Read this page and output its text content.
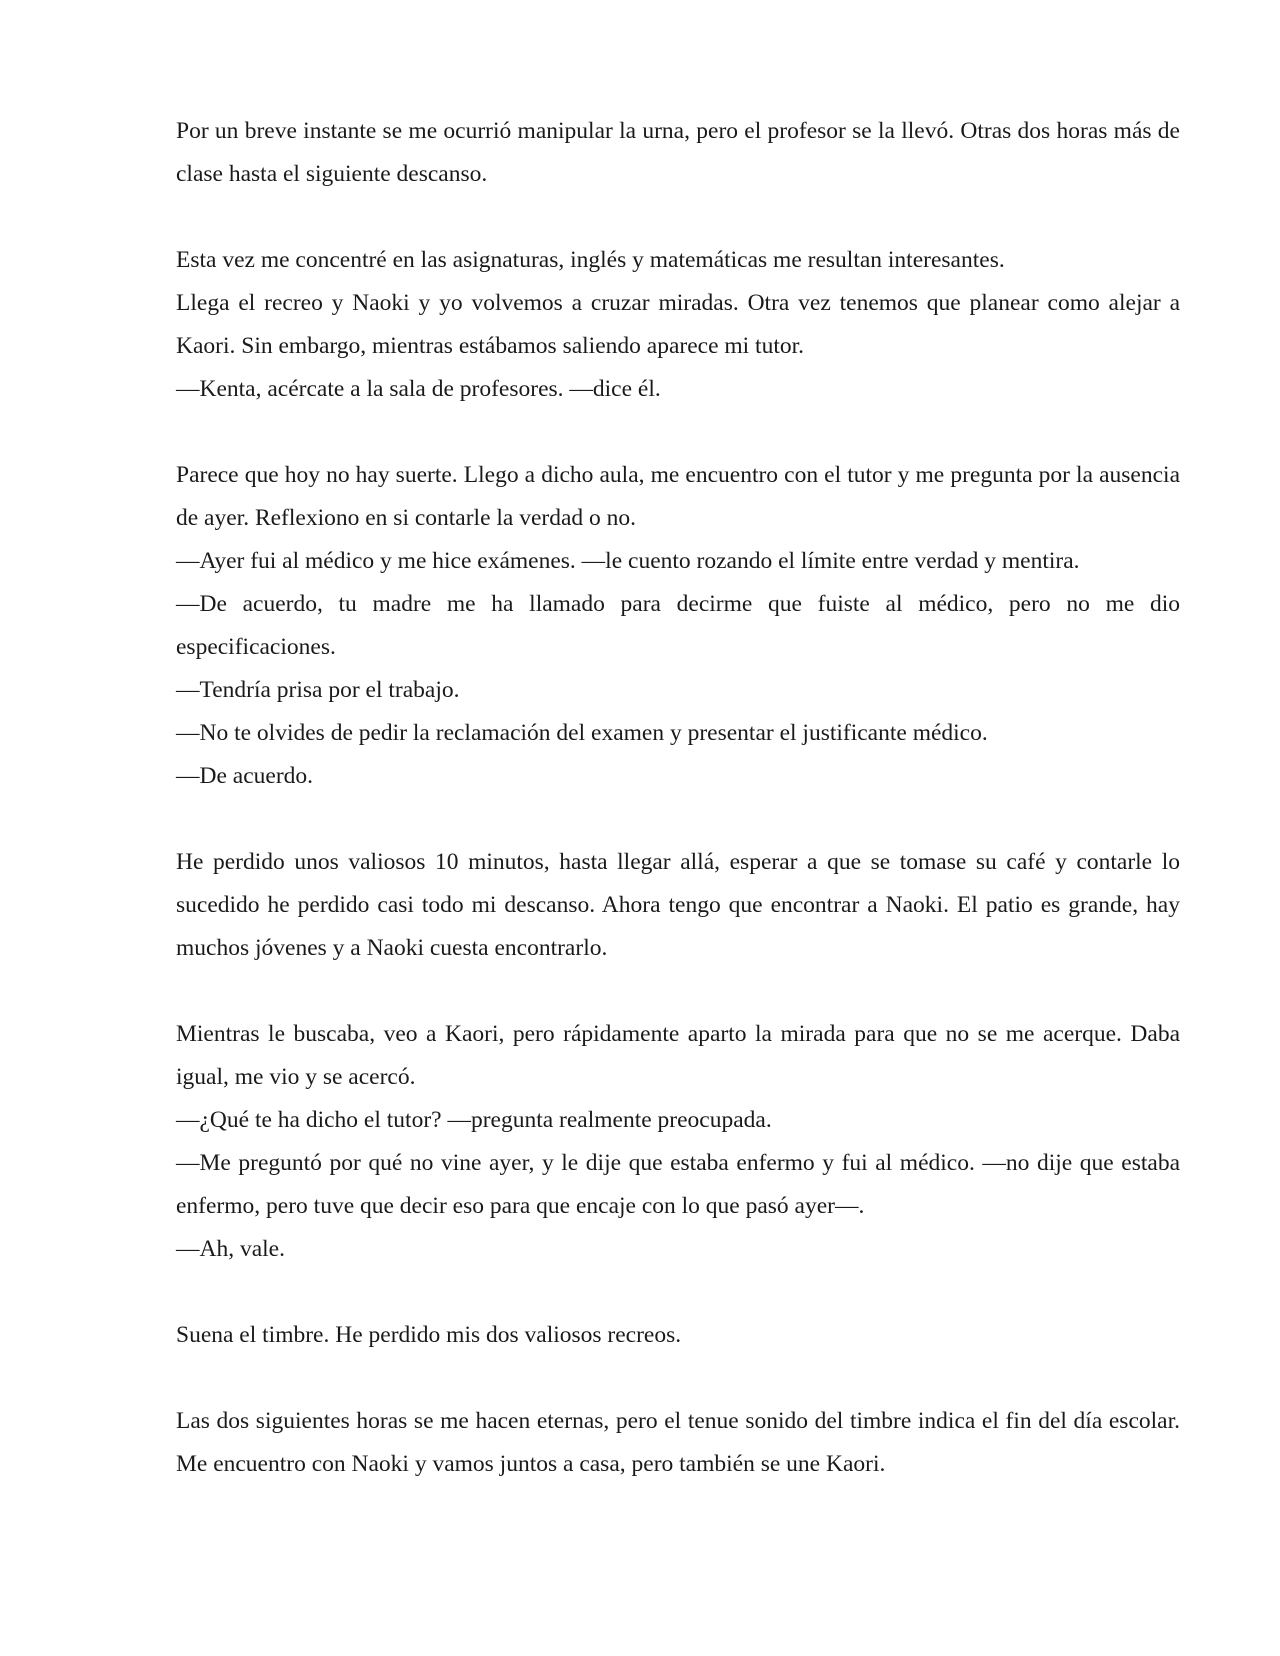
Por un breve instante se me ocurrió manipular la urna, pero el profesor se la llevó. Otras dos horas más de clase hasta el siguiente descanso.

Esta vez me concentré en las asignaturas, inglés y matemáticas me resultan interesantes.

Llega el recreo y Naoki y yo volvemos a cruzar miradas. Otra vez tenemos que planear como alejar a Kaori. Sin embargo, mientras estábamos saliendo aparece mi tutor.

—Kenta, acércate a la sala de profesores. —dice él.

Parece que hoy no hay suerte. Llego a dicho aula, me encuentro con el tutor y me pregunta por la ausencia de ayer. Reflexiono en si contarle la verdad o no.

—Ayer fui al médico y me hice exámenes. —le cuento rozando el límite entre verdad y mentira.

—De acuerdo, tu madre me ha llamado para decirme que fuiste al médico, pero no me dio especificaciones.

—Tendría prisa por el trabajo.

—No te olvides de pedir la reclamación del examen y presentar el justificante médico.

—De acuerdo.

He perdido unos valiosos 10 minutos, hasta llegar allá, esperar a que se tomase su café y contarle lo sucedido he perdido casi todo mi descanso. Ahora tengo que encontrar a Naoki. El patio es grande, hay muchos jóvenes y a Naoki cuesta encontrarlo.

Mientras le buscaba, veo a Kaori, pero rápidamente aparto la mirada para que no se me acerque. Daba igual, me vio y se acercó.

—¿Qué te ha dicho el tutor? —pregunta realmente preocupada.

—Me preguntó por qué no vine ayer, y le dije que estaba enfermo y fui al médico. —no dije que estaba enfermo, pero tuve que decir eso para que encaje con lo que pasó ayer—.

—Ah, vale.

Suena el timbre. He perdido mis dos valiosos recreos.

Las dos siguientes horas se me hacen eternas, pero el tenue sonido del timbre indica el fin del día escolar. Me encuentro con Naoki y vamos juntos a casa, pero también se une Kaori.
